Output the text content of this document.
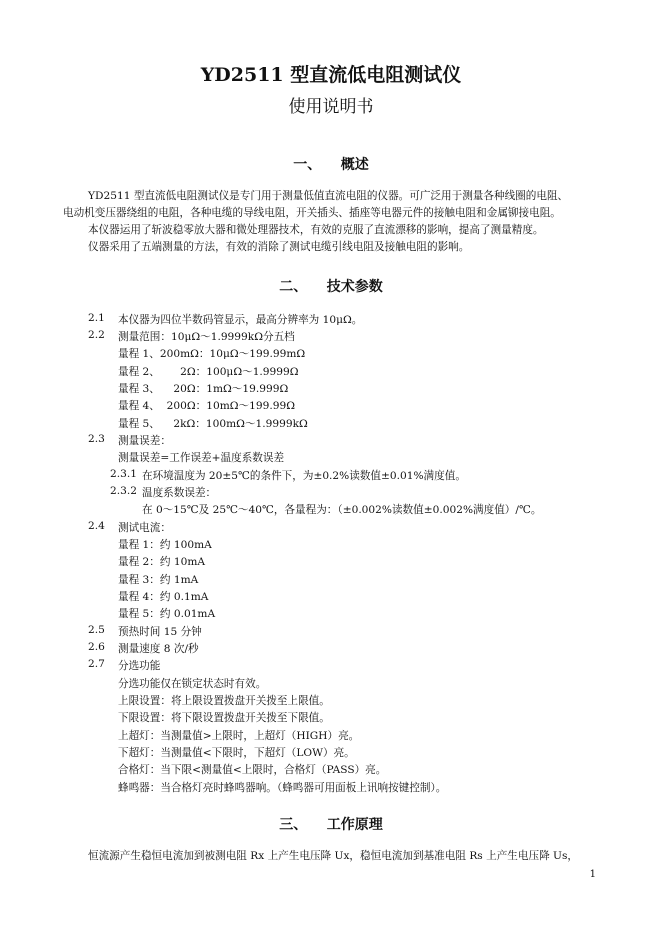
YD2511 型直流低电阻测试仪
使用说明书
一、    概述
YD2511 型直流低电阻测试仪是专门用于测量低值直流电阻的仪器。可广泛用于测量各种线圈的电阻、
电动机变压器绕组的电阻，各种电缆的导线电阻，开关插头、插座等电器元件的接触电阻和金属铆接电阻。
本仪器运用了斩波稳零放大器和微处理器技术，有效的克服了直流漂移的影响，提高了测量精度。
仪器采用了五端测量的方法，有效的消除了测试电缆引线电阻及接触电阻的影响。
二、    技术参数
2.1 本仪器为四位半数码管显示，最高分辨率为 10μΩ。
2.2 测量范围：10μΩ～1.9999kΩ分五档
量程 1、200mΩ：10μΩ～199.99mΩ
量程 2、      2Ω：100μΩ～1.9999Ω
量程 3、    20Ω：1mΩ～19.999Ω
量程 4、  200Ω：10mΩ～199.99Ω
量程 5、    2kΩ：100mΩ～1.9999kΩ
2.3 测量误差：
测量误差=工作误差+温度系数误差
2.3.1 在环境温度为 20±5℃的条件下，为±0.2%读数值±0.01%满度值。
2.3.2 温度系数误差：
在 0～15℃及 25℃～40℃，各量程为：（±0.002%读数值±0.002%满度值）/℃。
2.4 测试电流：
量程 1：约 100mA
量程 2：约 10mA
量程 3：约 1mA
量程 4：约 0.1mA
量程 5：约 0.01mA
2.5 预热时间 15 分钟
2.6 测量速度 8 次/秒
2.7 分选功能
分选功能仅在锁定状态时有效。
上限设置：将上限设置拨盘开关拨至上限值。
下限设置：将下限设置拨盘开关拨至下限值。
上超灯：当测量值>上限时，上超灯（HIGH）亮。
下超灯：当测量值<下限时，下超灯（LOW）亮。
合格灯：当下限<测量值<上限时，合格灯（PASS）亮。
蜂鸣器：当合格灯亮时蜂鸣器响。（蜂鸣器可用面板上讯响按键控制）。
三、    工作原理
恒流源产生稳恒电流加到被测电阻 Rx 上产生电压降 Ux，稳恒电流加到基准电阻 Rs 上产生电压降 Us，
1
